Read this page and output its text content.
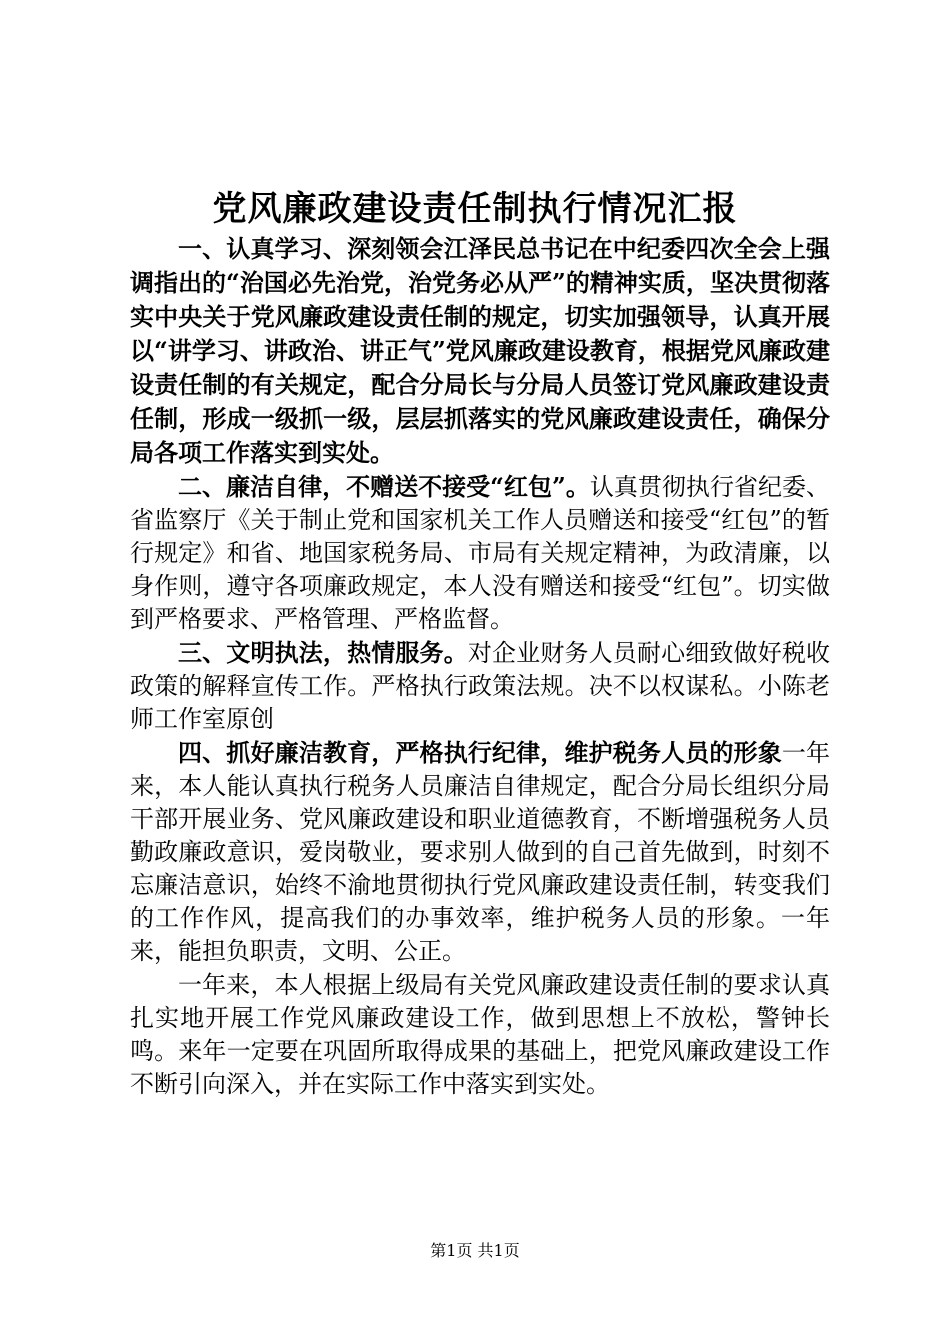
党风廉政建设责任制执行情况汇报

一、认真学习、深刻领会江泽民总书记在中纪委四次全会上强调指出的“治国必先治党，治党务必从严”的精神实质，坚决贯彻落实中央关于党风廉政建设责任制的规定，切实加强领导，认真开展以“讲学习、讲政治、讲正气”党风廉政建设教育，根据党风廉政建设责任制的有关规定，配合分局长与分局人员签订党风廉政建设责任制，形成一级抓一级，层层抓落实的党风廉政建设责任，确保分局各项工作落实到实处。

二、廉洁自律，不赠送不接受“红包”。认真贯彻执行省纪委、省监察厅《关于制止党和国家机关工作人员赠送和接受“红包”的暂行规定》和省、地国家税务局、市局有关规定精神，为政清廉，以身作则，遵守各项廉政规定，本人没有赠送和接受“红包”。切实做到严格要求、严格管理、严格监督。

三、文明执法，热情服务。对企业财务人员耐心细致做好税收政策的解释宣传工作。严格执行政策法规。决不以权谋私。小陈老师工作室原创

四、抓好廉洁教育，严格执行纪律，维护税务人员的形象一年来，本人能认真执行税务人员廉洁自律规定，配合分局长组织分局干部开展业务、党风廉政建设和职业道德教育，不断增强税务人员勤政廉政意识，爱岗敬业，要求别人做到的自己首先做到，时刻不忘廉洁意识，始终不渝地贯彻执行党风廉政建设责任制，转变我们的工作作风，提高我们的办事效率，维护税务人员的形象。一年来，能担负职责，文明、公正。

一年来，本人根据上级局有关党风廉政建设责任制的要求认真扎实地开展工作党风廉政建设工作，做到思想上不放松，警钟长鸣。来年一定要在巩固所取得成果的基础上，把党风廉政建设工作不断引向深入，并在实际工作中落实到实处。

第1页 共1页
